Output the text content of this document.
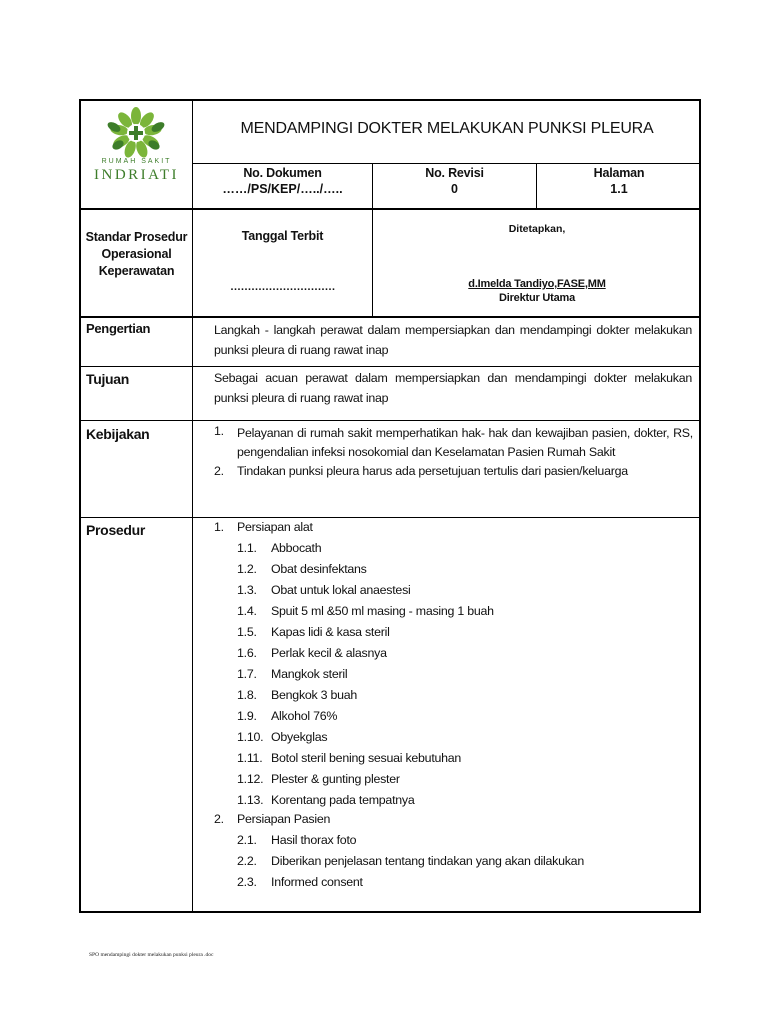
RUMAH SAKIT
INDRIATI
MENDAMPINGI DOKTER MELAKUKAN PUNKSI PLEURA
No. Dokumen
……/PS/KEP/…../…..
No. Revisi
0
Halaman
1.1
Standar Prosedur
Operasional
Keperawatan
Tanggal Terbit
…………………………
Ditetapkan,
d.Imelda Tandiyo,FASE,MM
Direktur Utama
Pengertian	Langkah - langkah perawat dalam mempersiapkan dan mendampingi dokter melakukan punksi pleura di ruang rawat inap
Tujuan	Sebagai acuan perawat dalam mempersiapkan dan mendampingi dokter melakukan punksi pleura di ruang rawat inap
Kebijakan	1. Pelayanan di rumah sakit memperhatikan hak- hak dan kewajiban pasien, dokter, RS, pengendalian infeksi nosokomial dan Keselamatan Pasien Rumah Sakit
2. Tindakan punksi pleura harus ada persetujuan tertulis dari pasien/keluarga
Prosedur	1. Persiapan alat
1.1. Abbocath
1.2. Obat desinfektans
1.3. Obat untuk lokal anaestesi
1.4. Spuit 5 ml &50 ml masing - masing 1 buah
1.5. Kapas lidi & kasa steril
1.6. Perlak kecil & alasnya
1.7. Mangkok steril
1.8. Bengkok 3 buah
1.9. Alkohol 76%
1.10. Obyekglas
1.11. Botol steril bening sesuai kebutuhan
1.12. Plester & gunting plester
1.13. Korentang pada tempatnya
2. Persiapan Pasien
2.1. Hasil thorax foto
2.2. Diberikan penjelasan tentang tindakan yang akan dilakukan
2.3. Informed consent
SPO mendampingi dokter melakukan punksi pleura .doc
